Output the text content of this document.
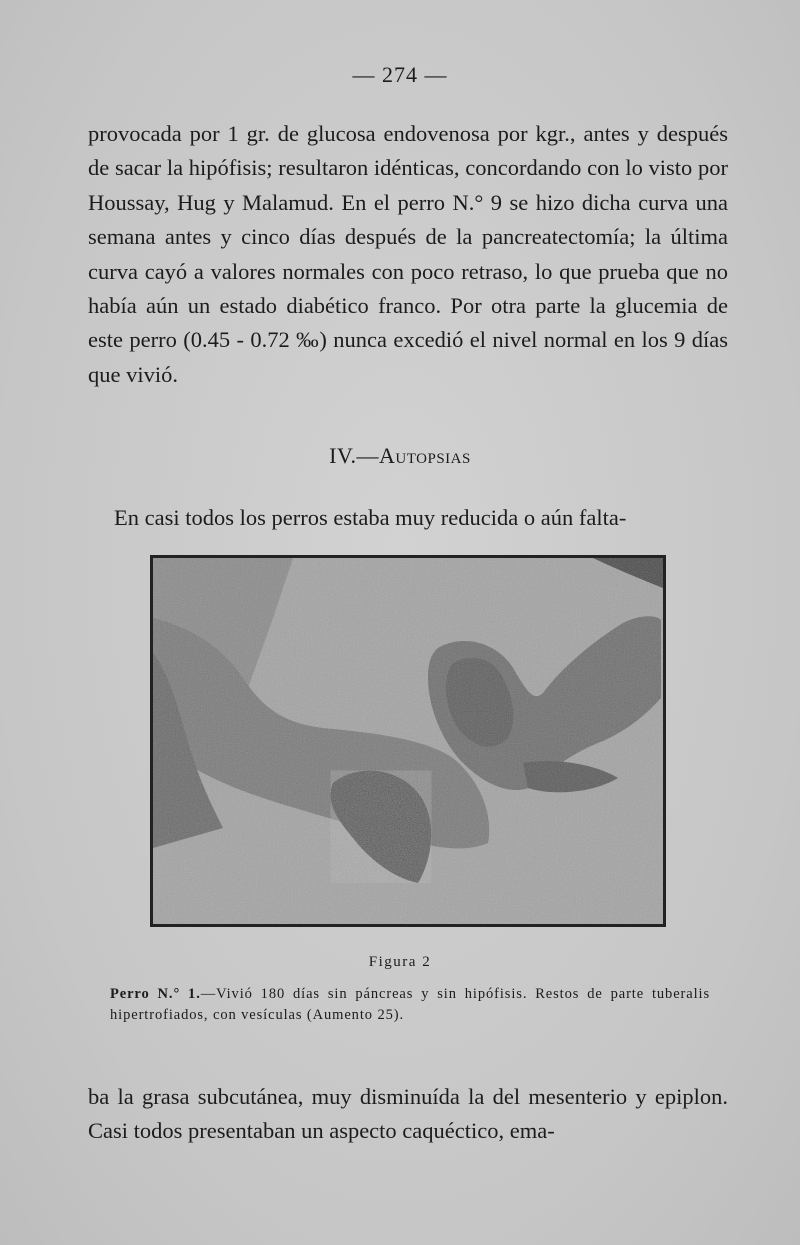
— 274 —

provocada por 1 gr. de glucosa endovenosa por kgr., antes y después de sacar la hipófisis; resultaron idénticas, concordando con lo visto por Houssay, Hug y Malamud. En el perro N.° 9 se hizo dicha curva una semana antes y cinco días después de la pancreatectomía; la última curva cayó a valores normales con poco retraso, lo que prueba que no había aún un estado diabético franco. Por otra parte la glucemia de este perro (0.45 - 0.72 ‰) nunca excedió el nivel normal en los 9 días que vivió.

IV.—Autopsias

En casi todos los perros estaba muy reducida o aún falta-

Figura 2

Perro N.° 1.—Vivió 180 días sin páncreas y sin hipófisis. Restos de parte tuberalis hipertrofiados, con vesículas (Aumento 25).

ba la grasa subcutánea, muy disminuída la del mesenterio y epiplon. Casi todos presentaban un aspecto caquéctico, ema-
